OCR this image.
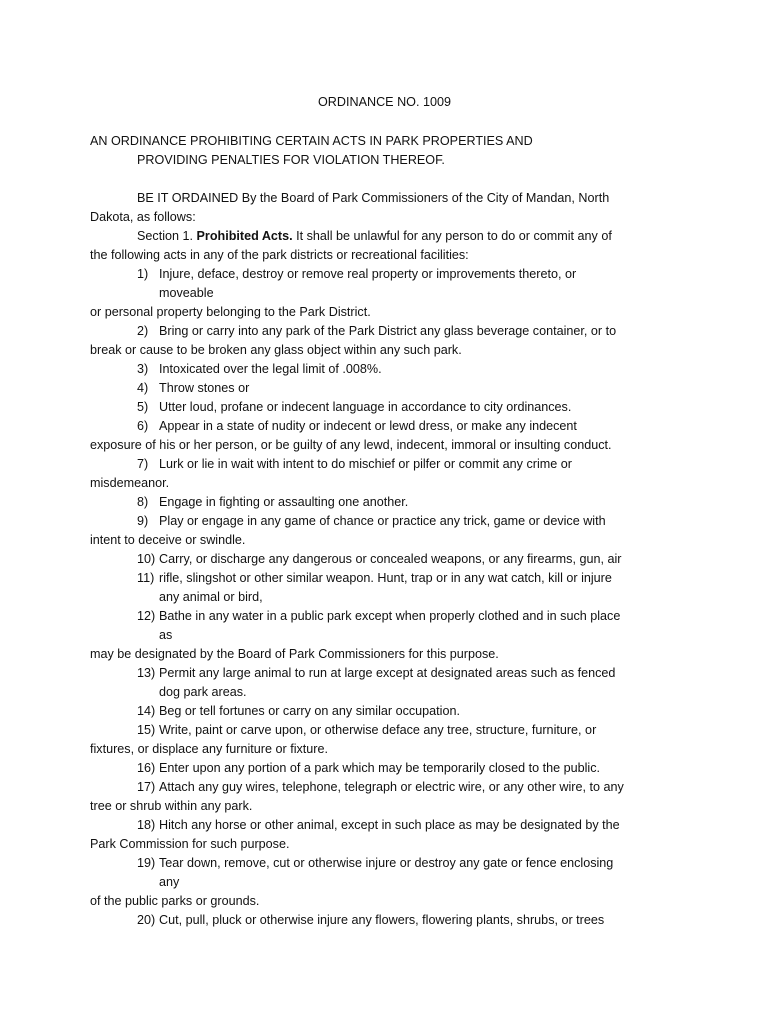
ORDINANCE NO. 1009
AN ORDINANCE PROHIBITING CERTAIN ACTS IN PARK PROPERTIES AND
PROVIDING PENALTIES FOR VIOLATION THEREOF.
BE IT ORDAINED By the Board of Park Commissioners of the City of Mandan, North
Dakota, as follows:
Section 1. Prohibited Acts. It shall be unlawful for any person to do or commit any of
the following acts in any of the park districts or recreational facilities:
1) Injure, deface, destroy or remove real property or improvements thereto, or
moveable
or personal property belonging to the Park District.
2) Bring or carry into any park of the Park District any glass beverage container, or to
break or cause to be broken any glass object within any such park.
3) Intoxicated over the legal limit of .008%.
4) Throw stones or
5) Utter loud, profane or indecent language in accordance to city ordinances.
6) Appear in a state of nudity or indecent or lewd dress, or make any indecent
exposure of his or her person, or be guilty of any lewd, indecent, immoral or insulting conduct.
7) Lurk or lie in wait with intent to do mischief or pilfer or commit any crime or
misdemeanor.
8) Engage in fighting or assaulting one another.
9) Play or engage in any game of chance or practice any trick, game or device with
intent to deceive or swindle.
10) Carry, or discharge any dangerous or concealed weapons, or any firearms, gun, air
11) rifle, slingshot or other similar weapon. Hunt, trap or in any wat catch, kill or injure
any animal or bird,
12) Bathe in any water in a public park except when properly clothed and in such place
as
may be designated by the Board of Park Commissioners for this purpose.
13) Permit any large animal to run at large except at designated areas such as fenced
dog park areas.
14) Beg or tell fortunes or carry on any similar occupation.
15) Write, paint or carve upon, or otherwise deface any tree, structure, furniture, or
fixtures, or displace any furniture or fixture.
16) Enter upon any portion of a park which may be temporarily closed to the public.
17) Attach any guy wires, telephone, telegraph or electric wire, or any other wire, to any
tree or shrub within any park.
18) Hitch any horse or other animal, except in such place as may be designated by the
Park Commission for such purpose.
19) Tear down, remove, cut or otherwise injure or destroy any gate or fence enclosing
any
of the public parks or grounds.
20) Cut, pull, pluck or otherwise injure any flowers, flowering plants, shrubs, or trees
